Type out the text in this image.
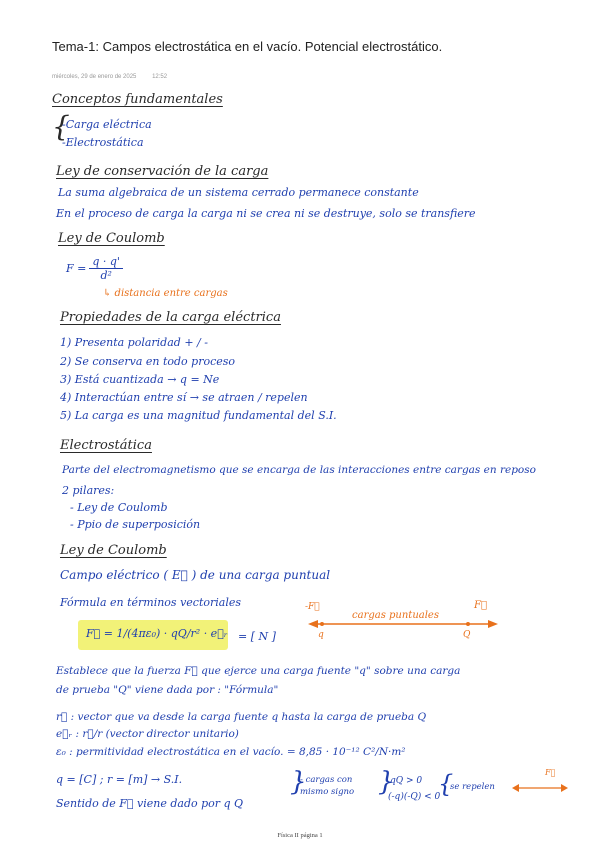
Tema-1: Campos electrostática en el vacío. Potencial electrostático.
miércoles, 29 de enero de 2025	12:52
Conceptos fundamentales
{
-Carga eléctrica
-Electrostática
Ley de conservación de la carga
La suma algebraica de un sistema cerrado permanece constante
En el proceso de carga la carga ni se crea ni se destruye, solo se transfiere
Ley de Coulomb
$F = \frac{q \cdot q'}{\text{d²}}$
↳ distancia entre cargas
Propiedades de la carga eléctrica
1) Presenta polaridad + / -
2) Se conserva en todo proceso
3) Está cuantizada → q = Ne
4) Interactúan entre sí → se atraen / repelen
5) La carga es una magnitud fundamental del S.I.
Electrostática
Parte del electromagnetismo que se encarga de las interacciones entre cargas en reposo
2 pilares:
- Ley de Coulomb
- Ppio de superposición
Ley de Coulomb
Campo eléctrico ( E⃗ ) de una carga puntual
Fórmula en términos vectoriales
cargas puntuales
-F⃗	F⃗
q	Q
F⃗ = 1/(4πε₀) · qQ/r² · e⃗ᵣ = [ N ]
Establece que la fuerza F⃗ que ejerce una carga fuente "q" sobre una carga
de prueba "Q" viene dada por : "Fórmula"
r⃗ : vector que va desde la carga fuente q hasta la carga de prueba Q
e⃗ᵣ : r⃗/r (vector director unitario)
ε₀ : permitividad electrostática en el vacío. = 8,85 · 10⁻¹² C²/N·m²
q = [C] ; r = [m] → S.I.
Sentido de F⃗ viene dado por q Q
}
- cargas con
mismo signo }
qQ > 0
(-q)(-Q) < 0
{
se repelen
F⃗
Física II página 1
